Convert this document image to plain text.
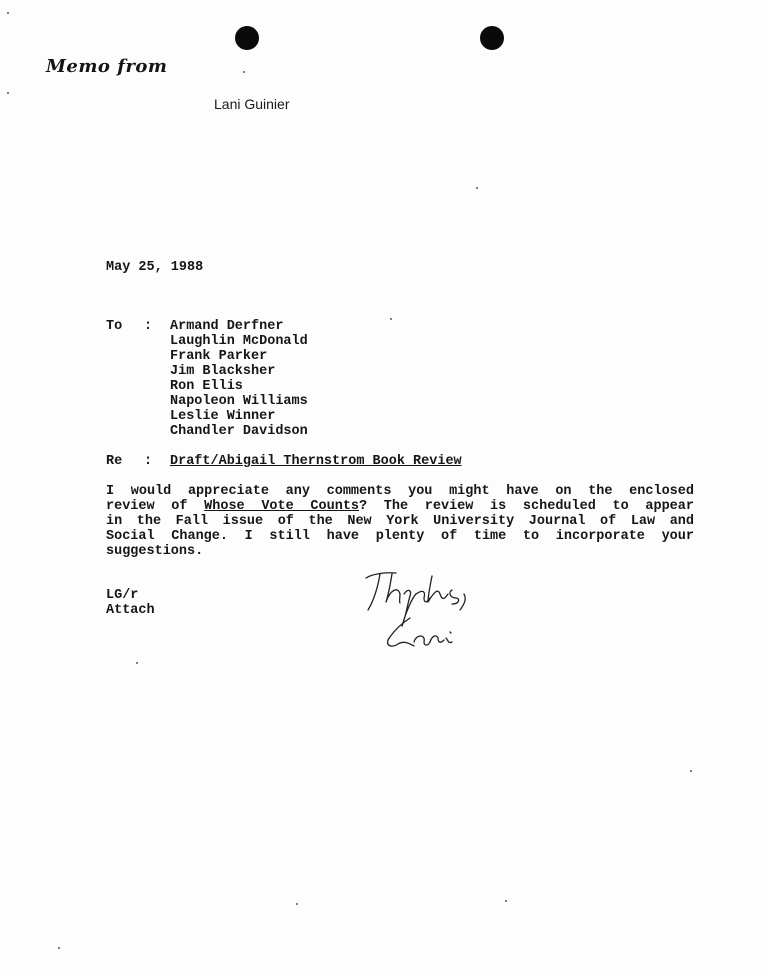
Memo from
Lani Guinier
May 25, 1988
To : Armand Derfner
Laughlin McDonald
Frank Parker
Jim Blacksher
Ron Ellis
Napoleon Williams
Leslie Winner
Chandler Davidson
Re : Draft/Abigail Thernstrom Book Review
I would appreciate any comments you might have on the enclosed
review of Whose Vote Counts? The review is scheduled to appear
in the Fall issue of the New York University Journal of Law and
Social Change. I still have plenty of time to incorporate your
suggestions.
LG/r
Attach
